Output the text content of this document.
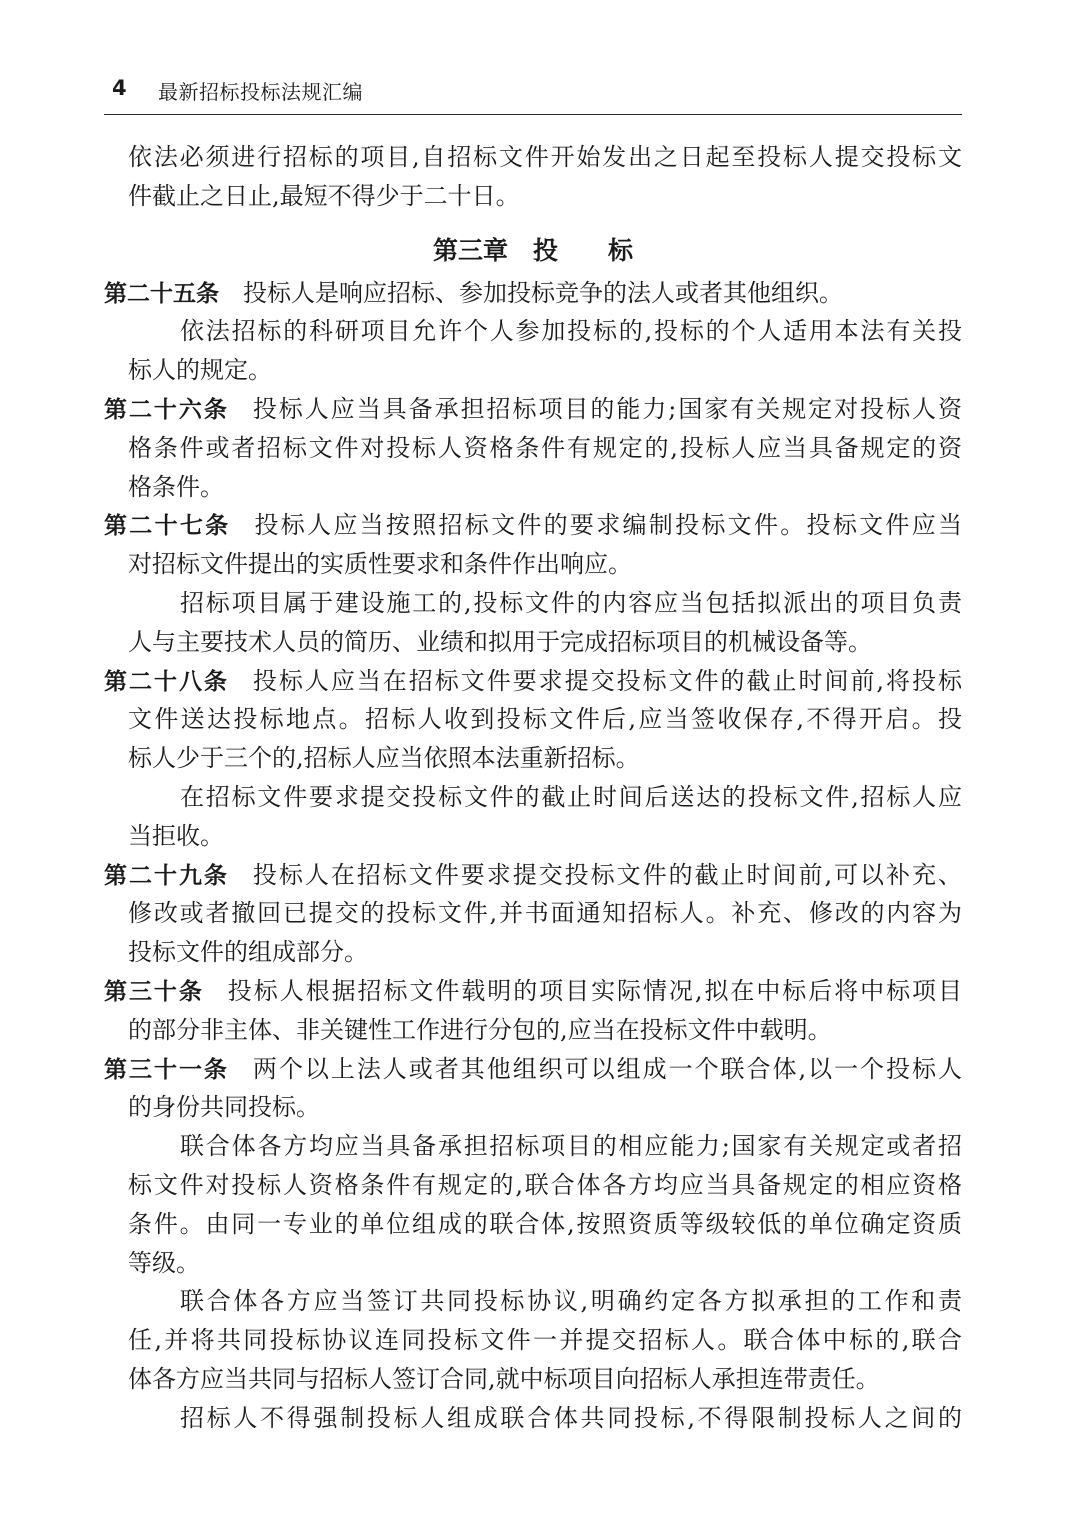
4 最新招标投标法规汇编
依法必须进行招标的项目,自招标文件开始发出之日起至投标人提交投标文
件截止之日止,最短不得少于二十日。
第三章　投　　标
第二十五条 投标人是响应招标、参加投标竞争的法人或者其他组织。
依法招标的科研项目允许个人参加投标的,投标的个人适用本法有关投
标人的规定。
第二十六条 投标人应当具备承担招标项目的能力;国家有关规定对投标人资
格条件或者招标文件对投标人资格条件有规定的,投标人应当具备规定的资
格条件。
第二十七条 投标人应当按照招标文件的要求编制投标文件。投标文件应当
对招标文件提出的实质性要求和条件作出响应。
招标项目属于建设施工的,投标文件的内容应当包括拟派出的项目负责
人与主要技术人员的简历、业绩和拟用于完成招标项目的机械设备等。
第二十八条 投标人应当在招标文件要求提交投标文件的截止时间前,将投标
文件送达投标地点。招标人收到投标文件后,应当签收保存,不得开启。投
标人少于三个的,招标人应当依照本法重新招标。
在招标文件要求提交投标文件的截止时间后送达的投标文件,招标人应
当拒收。
第二十九条 投标人在招标文件要求提交投标文件的截止时间前,可以补充、
修改或者撤回已提交的投标文件,并书面通知招标人。补充、修改的内容为
投标文件的组成部分。
第三十条 投标人根据招标文件载明的项目实际情况,拟在中标后将中标项目
的部分非主体、非关键性工作进行分包的,应当在投标文件中载明。
第三十一条 两个以上法人或者其他组织可以组成一个联合体,以一个投标人
的身份共同投标。
联合体各方均应当具备承担招标项目的相应能力;国家有关规定或者招
标文件对投标人资格条件有规定的,联合体各方均应当具备规定的相应资格
条件。由同一专业的单位组成的联合体,按照资质等级较低的单位确定资质
等级。
联合体各方应当签订共同投标协议,明确约定各方拟承担的工作和责
任,并将共同投标协议连同投标文件一并提交招标人。联合体中标的,联合
体各方应当共同与招标人签订合同,就中标项目向招标人承担连带责任。
招标人不得强制投标人组成联合体共同投标,不得限制投标人之间的
